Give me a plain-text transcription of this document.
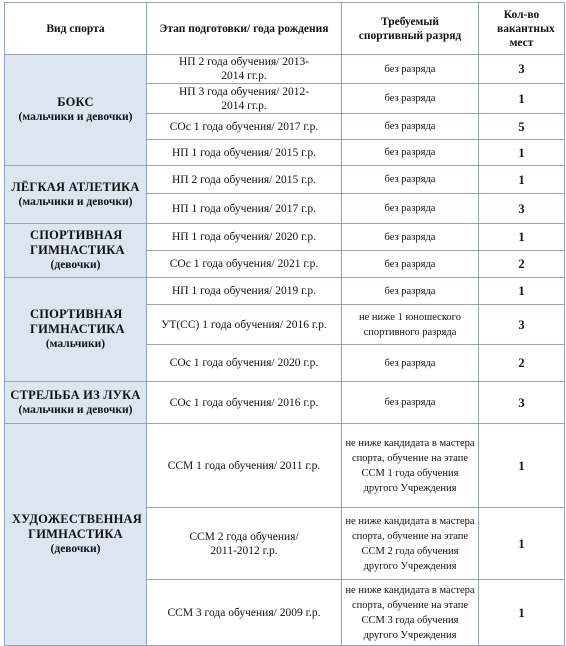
Вид спорта	Этап подготовки/ года рождения	Требуемый спортивный разряд	Кол-во вакантных мест

БОКС
(мальчики и девочки)	НП 2 года обучения/ 2013-2014 гг.р.	без разряда	3
	НП 3 года обучения/ 2012-2014 гг.р.	без разряда	1
	СОс 1 года обучения/ 2017 г.р.	без разряда	5
	НП 1 года обучения/ 2015 г.р.	без разряда	1

ЛЁГКАЯ АТЛЕТИКА
(мальчики и девочки)	НП 2 года обучения/ 2015 г.р.	без разряда	1
	НП 1 года обучения/ 2017 г.р.	без разряда	3

СПОРТИВНАЯ ГИМНАСТИКА
(девочки)	НП 1 года обучения/ 2020 г.р.	без разряда	1
	СОс 1 года обучения/ 2021 г.р.	без разряда	2

СПОРТИВНАЯ ГИМНАСТИКА
(мальчики)	НП 1 года обучения/ 2019 г.р.	без разряда	1
	УТ(СС) 1 года обучения/ 2016 г.р.	не ниже 1 юношеского спортивного разряда	3
	СОс 1 года обучения/ 2020 г.р.	без разряда	2

СТРЕЛЬБА ИЗ ЛУКА
(мальчики и девочки)	СОс 1 года обучения/ 2016 г.р.	без разряда	3

ХУДОЖЕСТВЕННАЯ ГИМНАСТИКА
(девочки)	ССМ 1 года обучения/ 2011 г.р.	не ниже кандидата в мастера спорта, обучение на этапе ССМ 1 года обучения другого Учреждения	1
	ССМ 2 года обучения/ 2011-2012 г.р.	не ниже кандидата в мастера спорта, обучение на этапе ССМ 2 года обучения другого Учреждения	1
	ССМ 3 года обучения/ 2009 г.р.	не ниже кандидата в мастера спорта, обучение на этапе ССМ 3 года обучения другого Учреждения	1
